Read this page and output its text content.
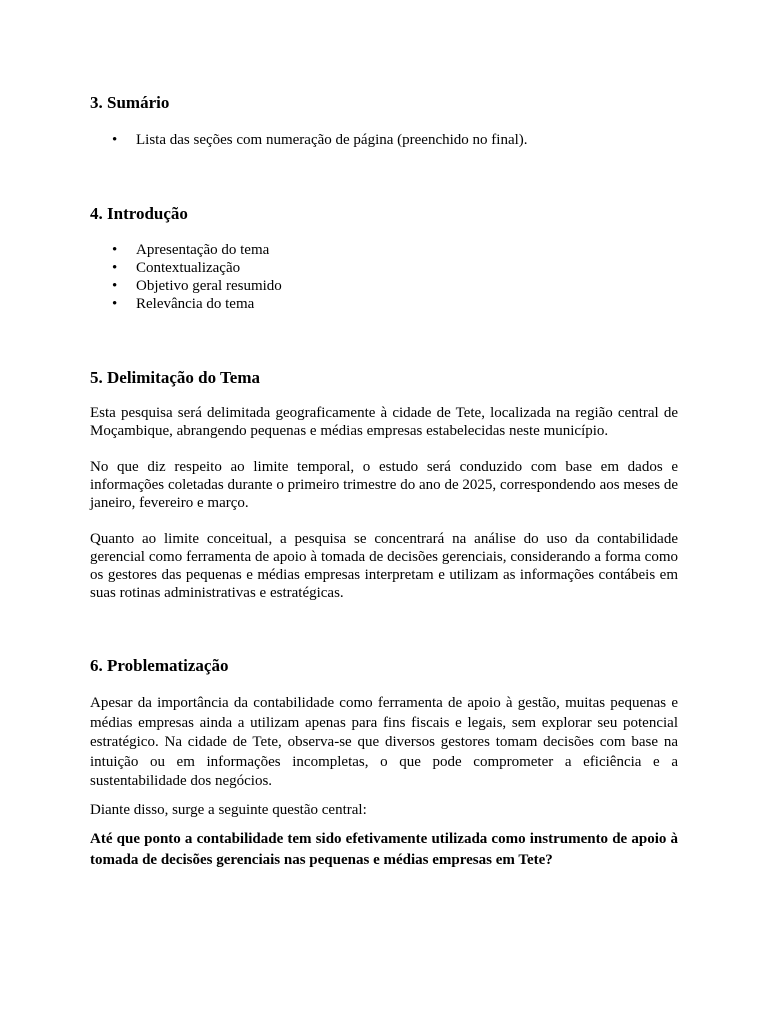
3. Sumário
• Lista das seções com numeração de página (preenchido no final).
4. Introdução
• Apresentação do tema
• Contextualização
• Objetivo geral resumido
• Relevância do tema
5. Delimitação do Tema

Esta pesquisa será delimitada geograficamente à cidade de Tete, localizada na região central de Moçambique, abrangendo pequenas e médias empresas estabelecidas neste município.

No que diz respeito ao limite temporal, o estudo será conduzido com base em dados e informações coletadas durante o primeiro trimestre do ano de 2025, correspondendo aos meses de janeiro, fevereiro e março.

Quanto ao limite conceitual, a pesquisa se concentrará na análise do uso da contabilidade gerencial como ferramenta de apoio à tomada de decisões gerenciais, considerando a forma como os gestores das pequenas e médias empresas interpretam e utilizam as informações contábeis em suas rotinas administrativas e estratégicas.

6. Problematização

Apesar da importância da contabilidade como ferramenta de apoio à gestão, muitas pequenas e médias empresas ainda a utilizam apenas para fins fiscais e legais, sem explorar seu potencial estratégico. Na cidade de Tete, observa-se que diversos gestores tomam decisões com base na intuição ou em informações incompletas, o que pode comprometer a eficiência e a sustentabilidade dos negócios.

Diante disso, surge a seguinte questão central:

Até que ponto a contabilidade tem sido efetivamente utilizada como instrumento de apoio à tomada de decisões gerenciais nas pequenas e médias empresas em Tete?
